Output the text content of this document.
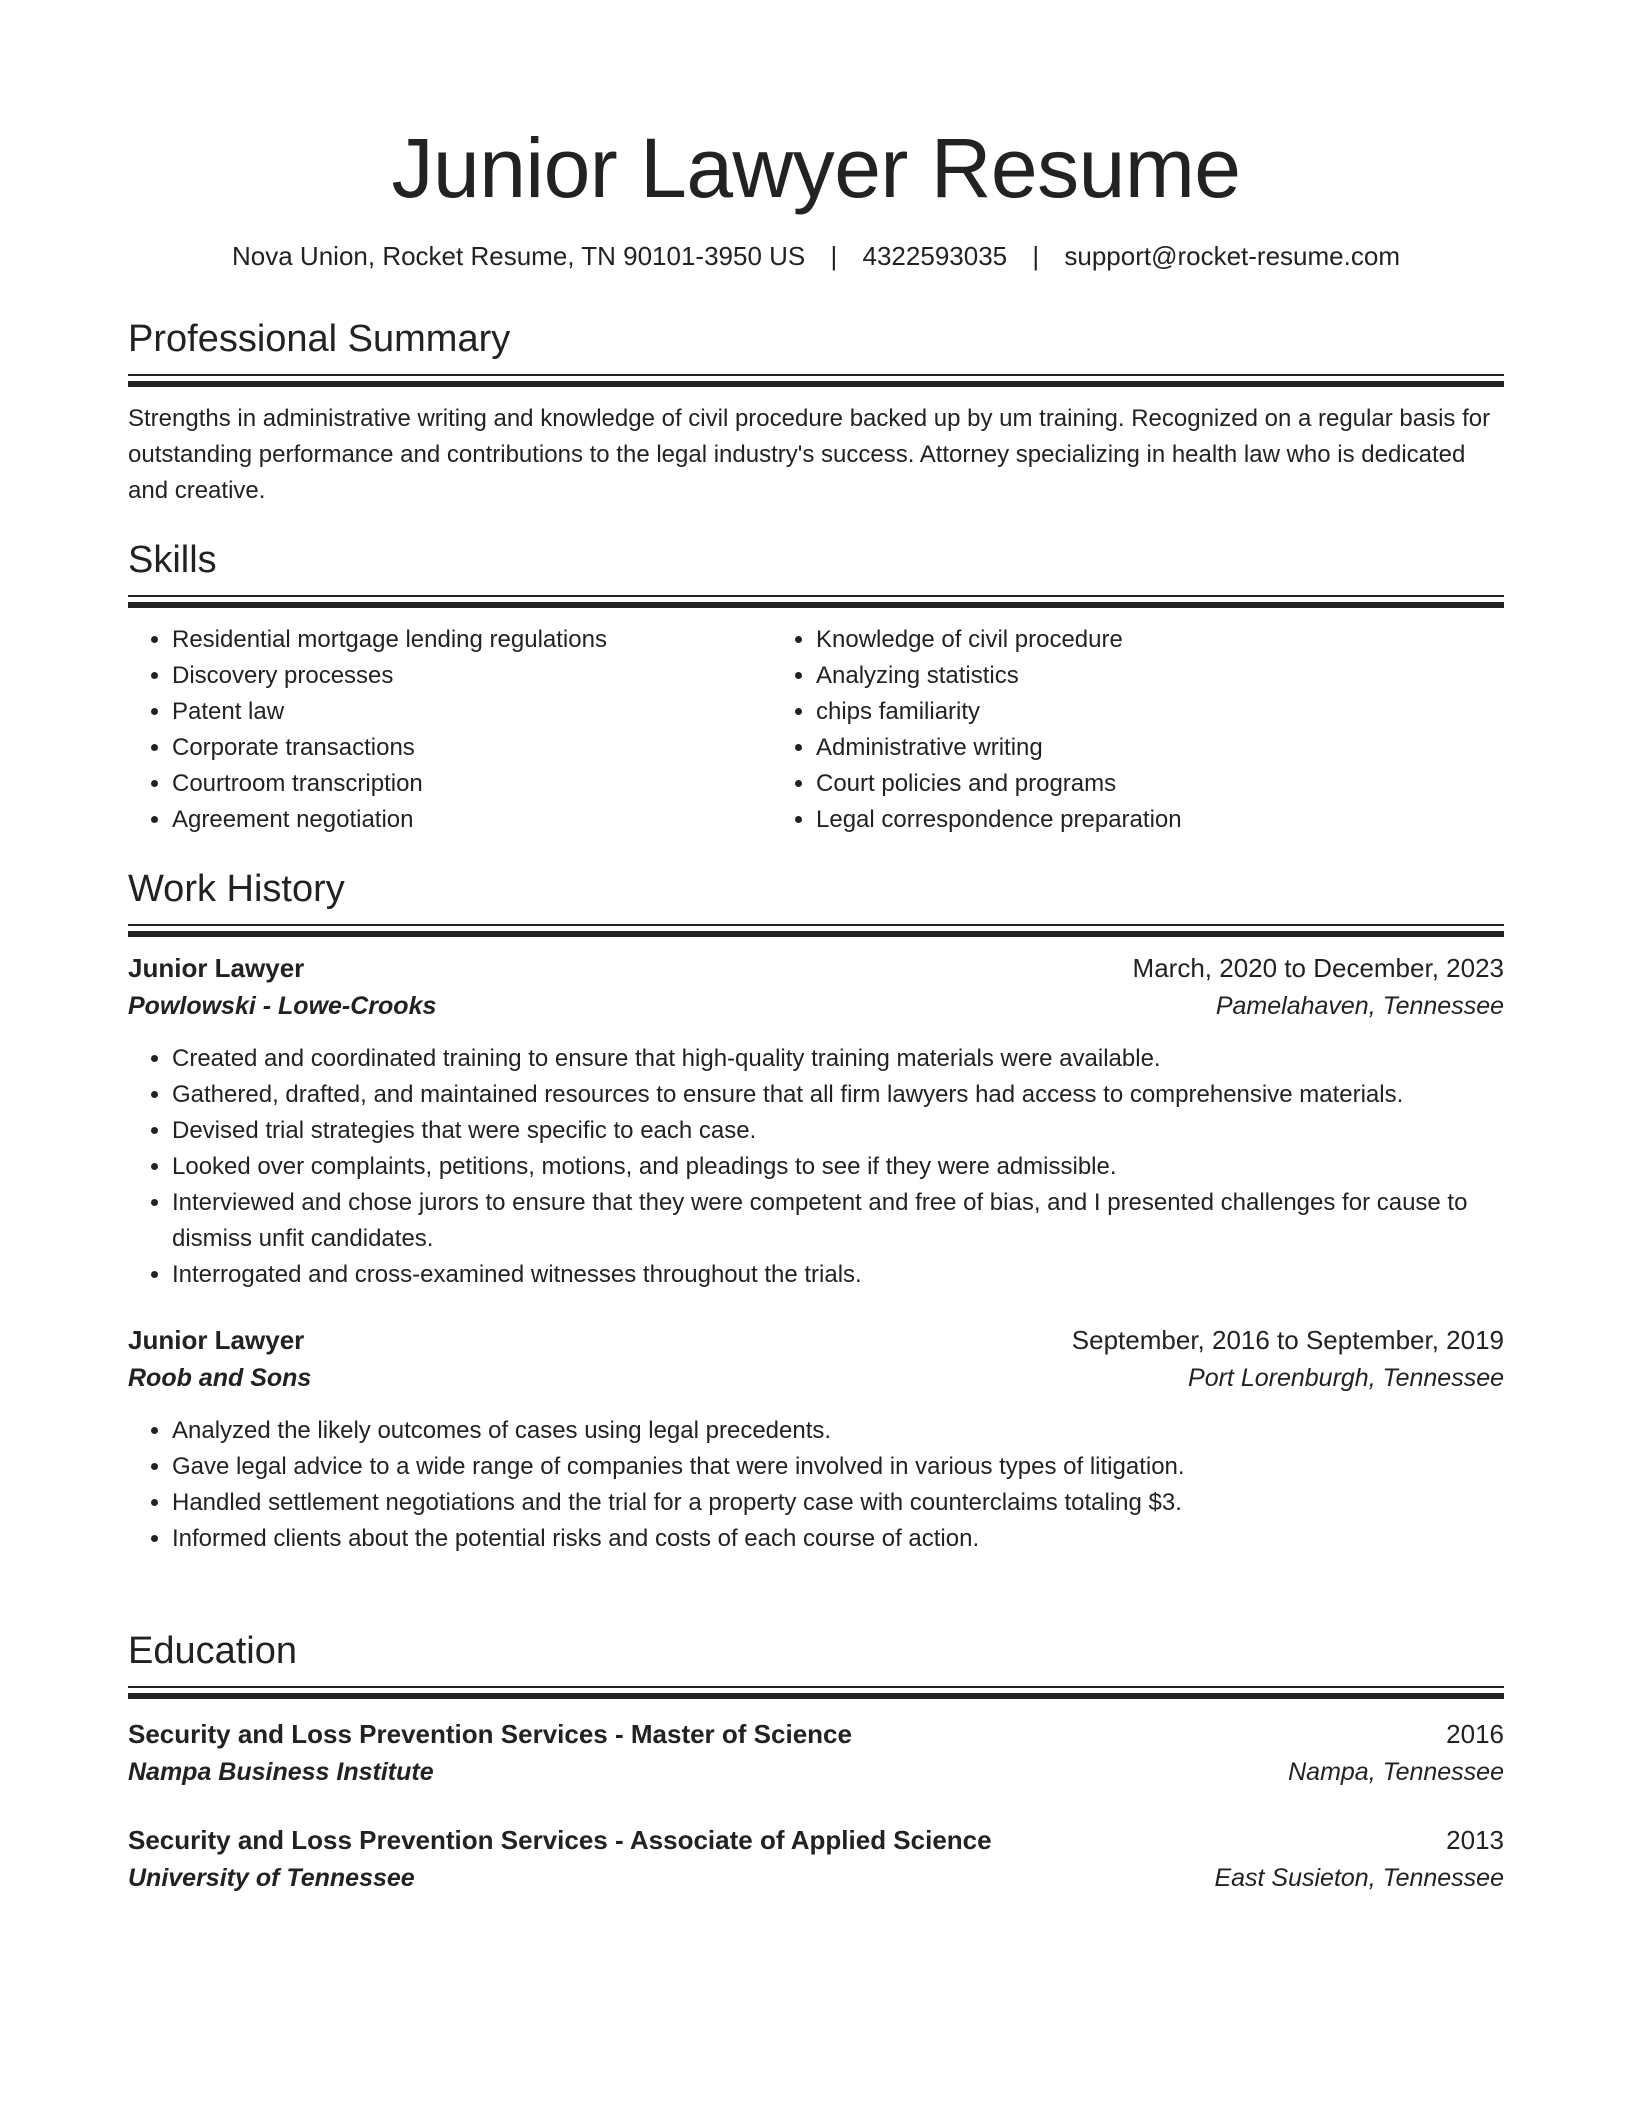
Junior Lawyer Resume
Nova Union, Rocket Resume, TN 90101-3950 US | 4322593035 | support@rocket-resume.com
Professional Summary

Strengths in administrative writing and knowledge of civil procedure backed up by um training. Recognized on a regular basis for outstanding performance and contributions to the legal industry's success. Attorney specializing in health law who is dedicated and creative.

Skills
• Residential mortgage lending regulations
• Discovery processes
• Patent law
• Corporate transactions
• Courtroom transcription
• Agreement negotiation
• Knowledge of civil procedure
• Analyzing statistics
• chips familiarity
• Administrative writing
• Court policies and programs
• Legal correspondence preparation
Work History
Junior Lawyer	March, 2020 to December, 2023
Powlowski - Lowe-Crooks	Pamelahaven, Tennessee
• Created and coordinated training to ensure that high-quality training materials were available.
• Gathered, drafted, and maintained resources to ensure that all firm lawyers had access to comprehensive materials.
• Devised trial strategies that were specific to each case.
• Looked over complaints, petitions, motions, and pleadings to see if they were admissible.
• Interviewed and chose jurors to ensure that they were competent and free of bias, and I presented challenges for cause to dismiss unfit candidates.
• Interrogated and cross-examined witnesses throughout the trials.
Junior Lawyer	September, 2016 to September, 2019
Roob and Sons	Port Lorenburgh, Tennessee
• Analyzed the likely outcomes of cases using legal precedents.
• Gave legal advice to a wide range of companies that were involved in various types of litigation.
• Handled settlement negotiations and the trial for a property case with counterclaims totaling $3.
• Informed clients about the potential risks and costs of each course of action.
Education
Security and Loss Prevention Services - Master of Science	2016
Nampa Business Institute	Nampa, Tennessee
Security and Loss Prevention Services - Associate of Applied Science	2013
University of Tennessee	East Susieton, Tennessee
